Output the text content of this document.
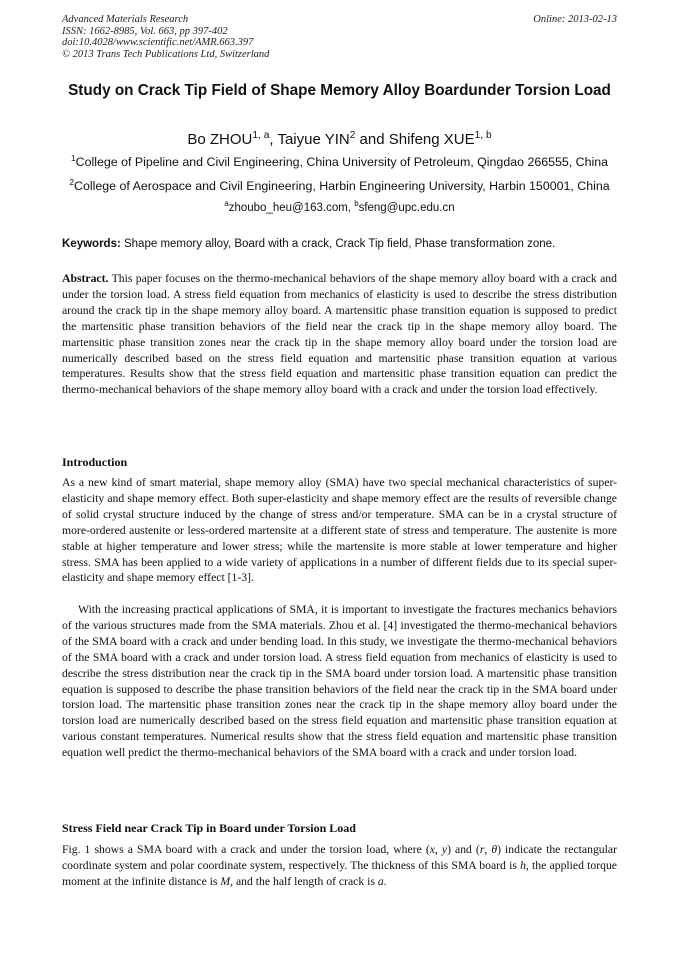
Advanced Materials Research
ISSN: 1662-8985, Vol. 663, pp 397-402
doi:10.4028/www.scientific.net/AMR.663.397
© 2013 Trans Tech Publications Ltd, Switzerland
Online: 2013-02-13
Study on Crack Tip Field of Shape Memory Alloy Boardunder Torsion Load
Bo ZHOU$^{1, a}$, Taiyue YIN$^2$ and Shifeng XUE$^{1, b}$
$^1$College of Pipeline and Civil Engineering, China University of Petroleum, Qingdao 266555, China
$^2$College of Aerospace and Civil Engineering, Harbin Engineering University, Harbin 150001, China
$^a$zhoubo_heu@163.com, $^b$sfeng@upc.edu.cn
Keywords: Shape memory alloy, Board with a crack, Crack Tip field, Phase transformation zone.
Abstract. This paper focuses on the thermo-mechanical behaviors of the shape memory alloy board with a crack and under the torsion load. A stress field equation from mechanics of elasticity is used to describe the stress distribution around the crack tip in the shape memory alloy board. A martensitic phase transition equation is supposed to predict the martensitic phase transition behaviors of the field near the crack tip in the shape memory alloy board. The martensitic phase transition zones near the crack tip in the shape memory alloy board under the torsion load are numerically described based on the stress field equation and martensitic phase transition equation at various temperatures. Results show that the stress field equation and martensitic phase transition equation can predict the thermo-mechanical behaviors of the shape memory alloy board with a crack and under the torsion load effectively.
Introduction
As a new kind of smart material, shape memory alloy (SMA) have two special mechanical characteristics of super-elasticity and shape memory effect. Both super-elasticity and shape memory effect are the results of reversible change of solid crystal structure induced by the change of stress and/or temperature. SMA can be in a crystal structure of more-ordered austenite or less-ordered martensite at a different state of stress and temperature. The austenite is more stable at higher temperature and lower stress; while the martensite is more stable at lower temperature and higher stress. SMA has been applied to a wide variety of applications in a number of different fields due to its special super-elasticity and shape memory effect [1-3].
With the increasing practical applications of SMA, it is important to investigate the fractures mechanics behaviors of the various structures made from the SMA materials. Zhou et al. [4] investigated the thermo-mechanical behaviors of the SMA board with a crack and under bending load. In this study, we investigate the thermo-mechanical behaviors of the SMA board with a crack and under torsion load. A stress field equation from mechanics of elasticity is used to describe the stress distribution near the crack tip in the SMA board under torsion load. A martensitic phase transition equation is supposed to describe the phase transition behaviors of the field near the crack tip in the SMA board under torsion load. The martensitic phase transition zones near the crack tip in the shape memory alloy board under the torsion load are numerically described based on the stress field equation and martensitic phase transition equation at various constant temperatures. Numerical results show that the stress field equation and martensitic phase transition equation well predict the thermo-mechanical behaviors of the SMA board with a crack and under torsion load.
Stress Field near Crack Tip in Board under Torsion Load
Fig. 1 shows a SMA board with a crack and under the torsion load, where (x, y) and (r, θ) indicate the rectangular coordinate system and polar coordinate system, respectively. The thickness of this SMA board is h, the applied torque moment at the infinite distance is M, and the half length of crack is a.
